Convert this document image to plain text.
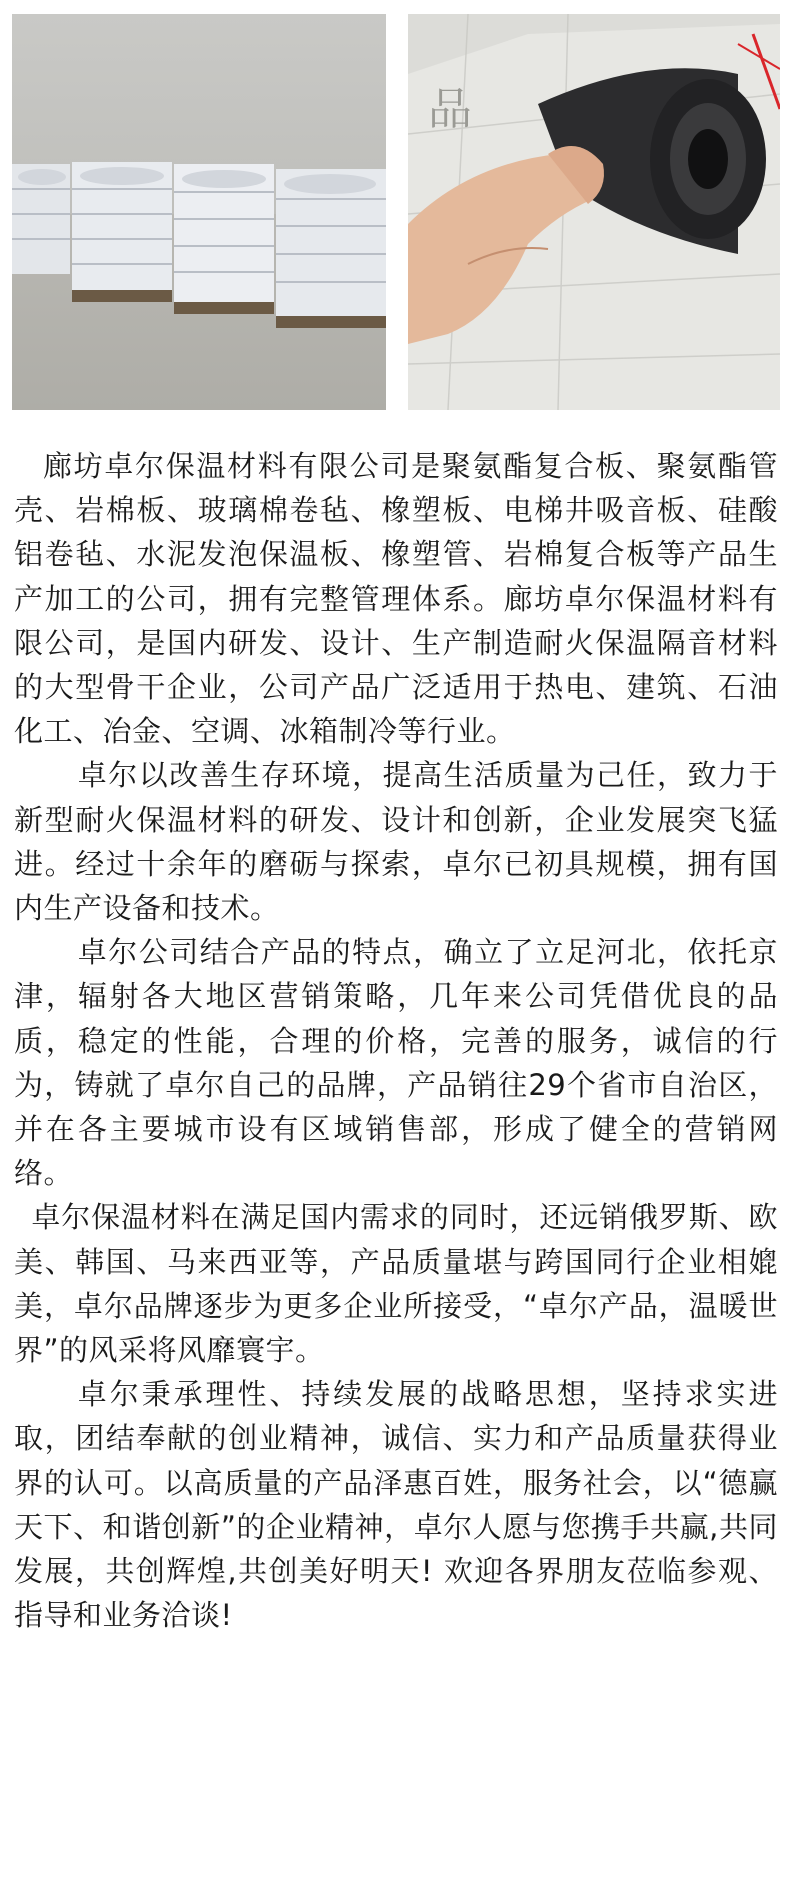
品

廊坊卓尔保温材料有限公司是聚氨酯复合板、聚氨酯管壳、岩棉板、玻璃棉卷毡、橡塑板、电梯井吸音板、硅酸铝卷毡、水泥发泡保温板、橡塑管、岩棉复合板等产品生产加工的公司，拥有完整管理体系。廊坊卓尔保温材料有限公司，是国内研发、设计、生产制造耐火保温隔音材料的大型骨干企业，公司产品广泛适用于热电、建筑、石油化工、冶金、空调、冰箱制冷等行业。

卓尔以改善生存环境，提高生活质量为己任，致力于新型耐火保温材料的研发、设计和创新，企业发展突飞猛进。经过十余年的磨砺与探索，卓尔已初具规模，拥有国内生产设备和技术。

卓尔公司结合产品的特点，确立了立足河北，依托京津，辐射各大地区营销策略，几年来公司凭借优良的品质，稳定的性能，合理的价格，完善的服务，诚信的行为，铸就了卓尔自己的品牌，产品销往29个省市自治区，并在各主要城市设有区域销售部，形成了健全的营销网络。

卓尔保温材料在满足国内需求的同时，还远销俄罗斯、欧美、韩国、马来西亚等，产品质量堪与跨国同行企业相媲美，卓尔品牌逐步为更多企业所接受，“卓尔产品，温暖世界”的风采将风靡寰宇。

卓尔秉承理性、持续发展的战略思想，坚持求实进取，团结奉献的创业精神，诚信、实力和产品质量获得业界的认可。以高质量的产品泽惠百姓，服务社会，以“德赢天下、和谐创新”的企业精神，卓尔人愿与您携手共赢,共同发展，共创辉煌,共创美好明天! 欢迎各界朋友莅临参观、指导和业务洽谈!
